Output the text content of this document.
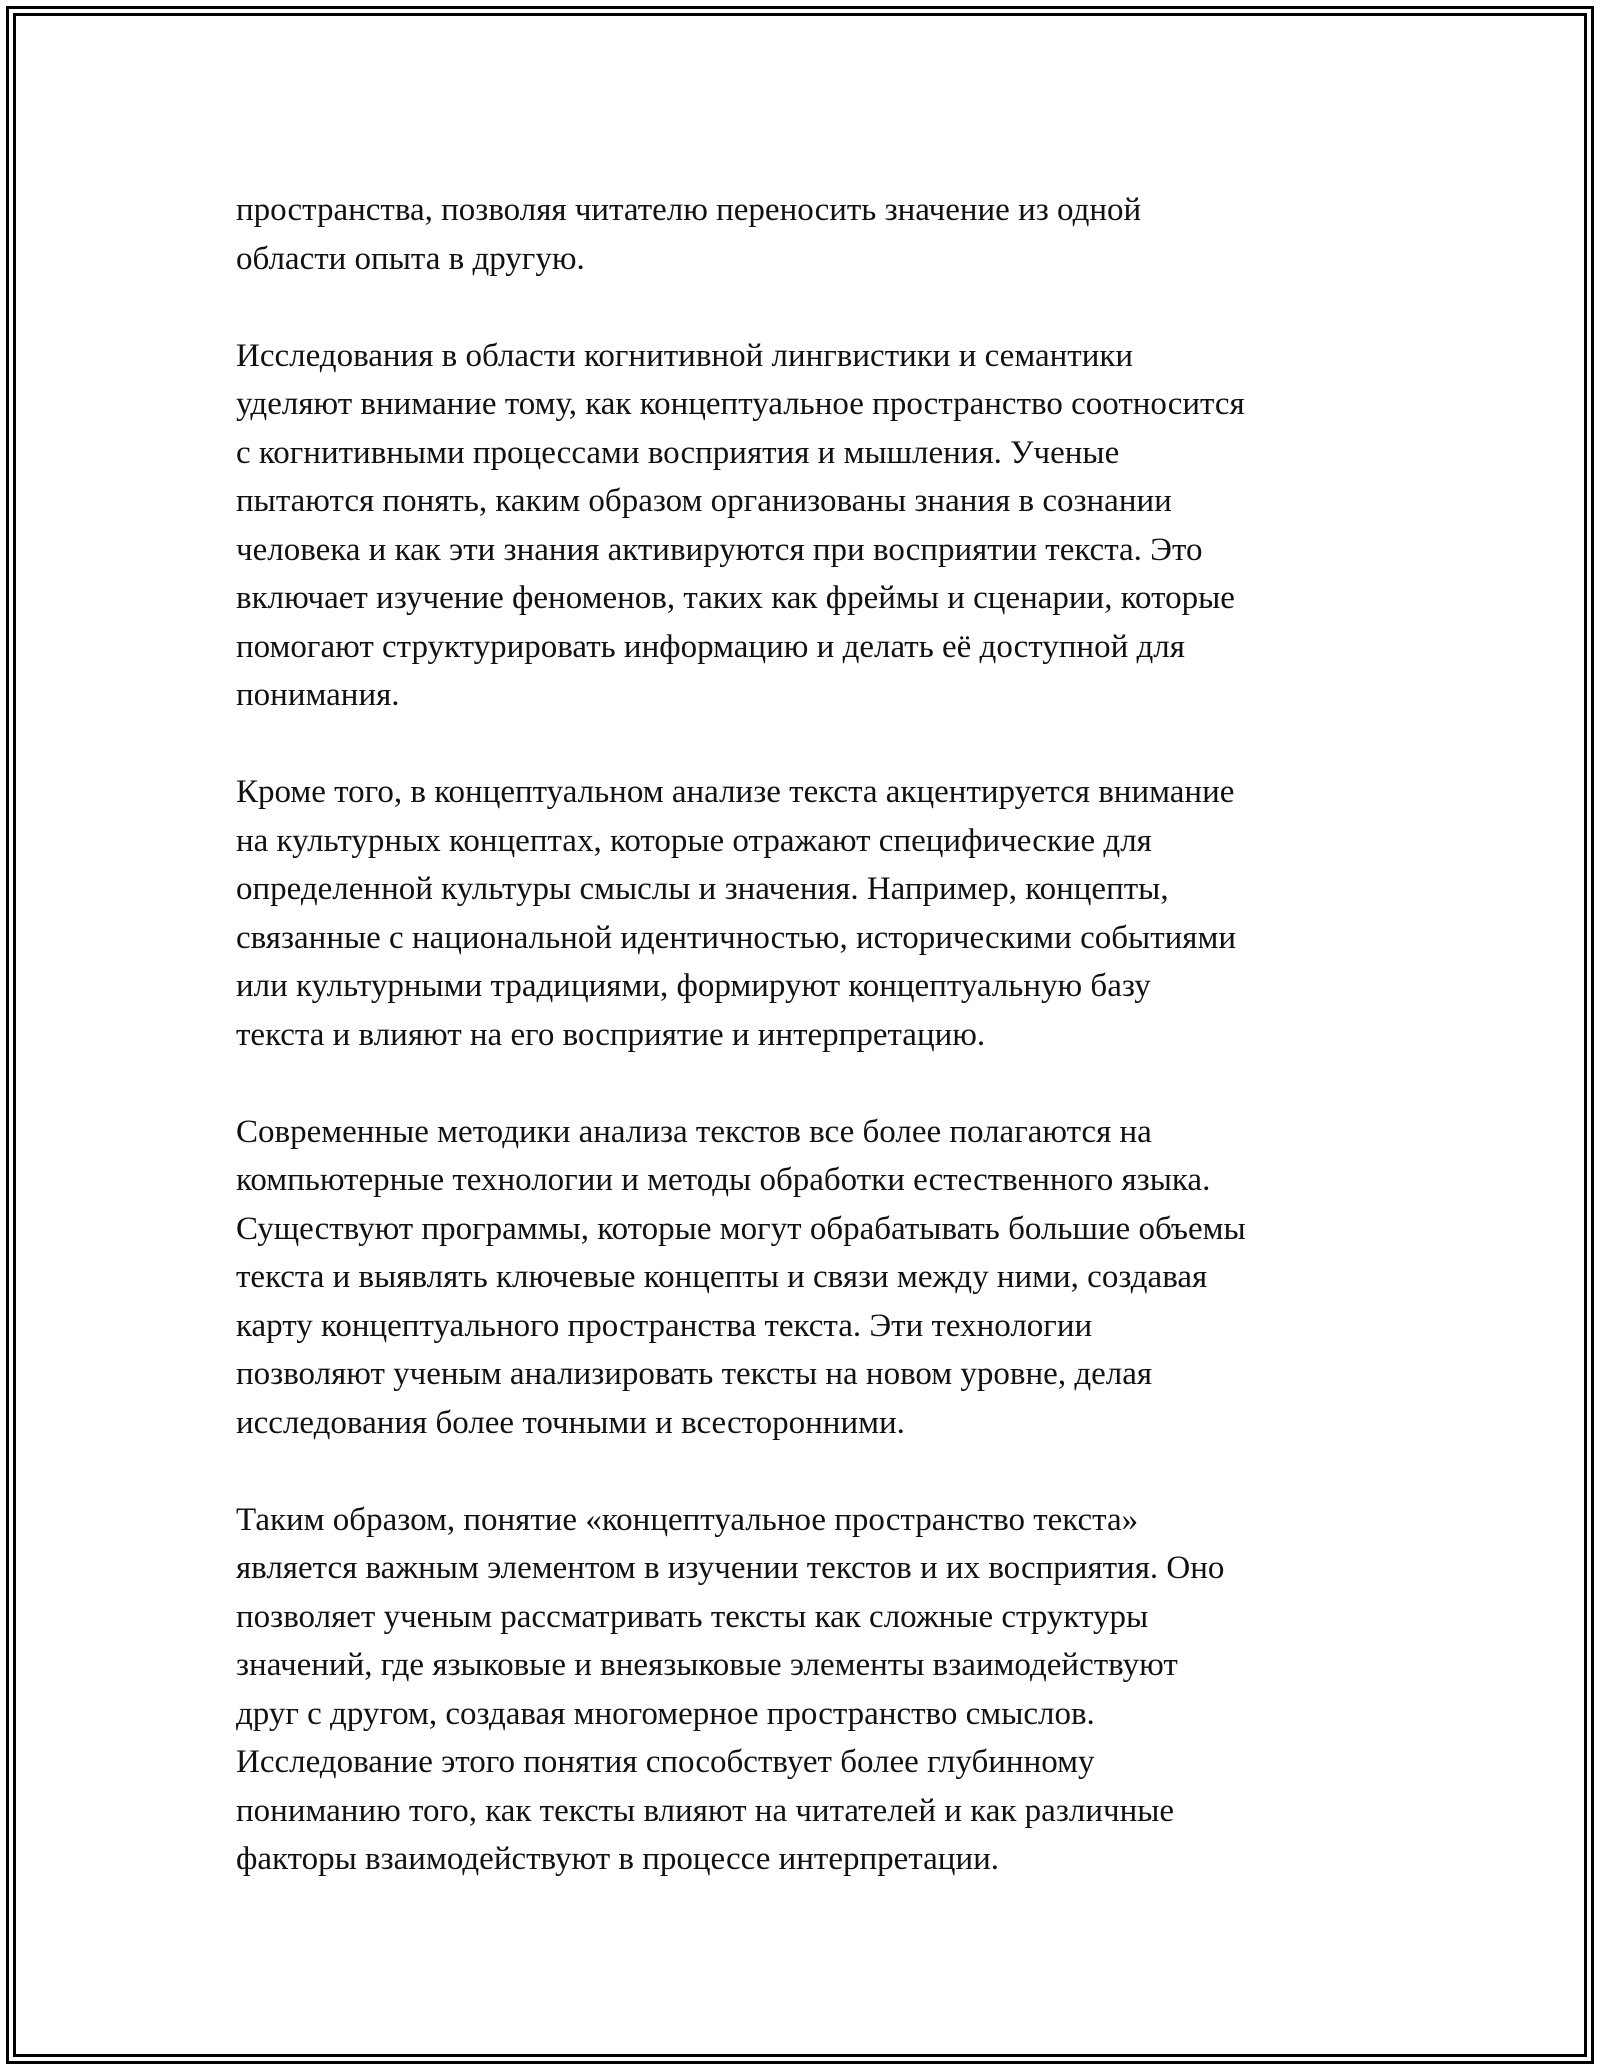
пространства, позволяя читателю переносить значение из одной
области опыта в другую.

Исследования в области когнитивной лингвистики и семантики
уделяют внимание тому, как концептуальное пространство соотносится
с когнитивными процессами восприятия и мышления. Ученые
пытаются понять, каким образом организованы знания в сознании
человека и как эти знания активируются при восприятии текста. Это
включает изучение феноменов, таких как фреймы и сценарии, которые
помогают структурировать информацию и делать её доступной для
понимания.

Кроме того, в концептуальном анализе текста акцентируется внимание
на культурных концептах, которые отражают специфические для
определенной культуры смыслы и значения. Например, концепты,
связанные с национальной идентичностью, историческими событиями
или культурными традициями, формируют концептуальную базу
текста и влияют на его восприятие и интерпретацию.

Современные методики анализа текстов все более полагаются на
компьютерные технологии и методы обработки естественного языка.
Существуют программы, которые могут обрабатывать большие объемы
текста и выявлять ключевые концепты и связи между ними, создавая
карту концептуального пространства текста. Эти технологии
позволяют ученым анализировать тексты на новом уровне, делая
исследования более точными и всесторонними.

Таким образом, понятие «концептуальное пространство текста»
является важным элементом в изучении текстов и их восприятия. Оно
позволяет ученым рассматривать тексты как сложные структуры
значений, где языковые и внеязыковые элементы взаимодействуют
друг с другом, создавая многомерное пространство смыслов.
Исследование этого понятия способствует более глубинному
пониманию того, как тексты влияют на читателей и как различные
факторы взаимодействуют в процессе интерпретации.
